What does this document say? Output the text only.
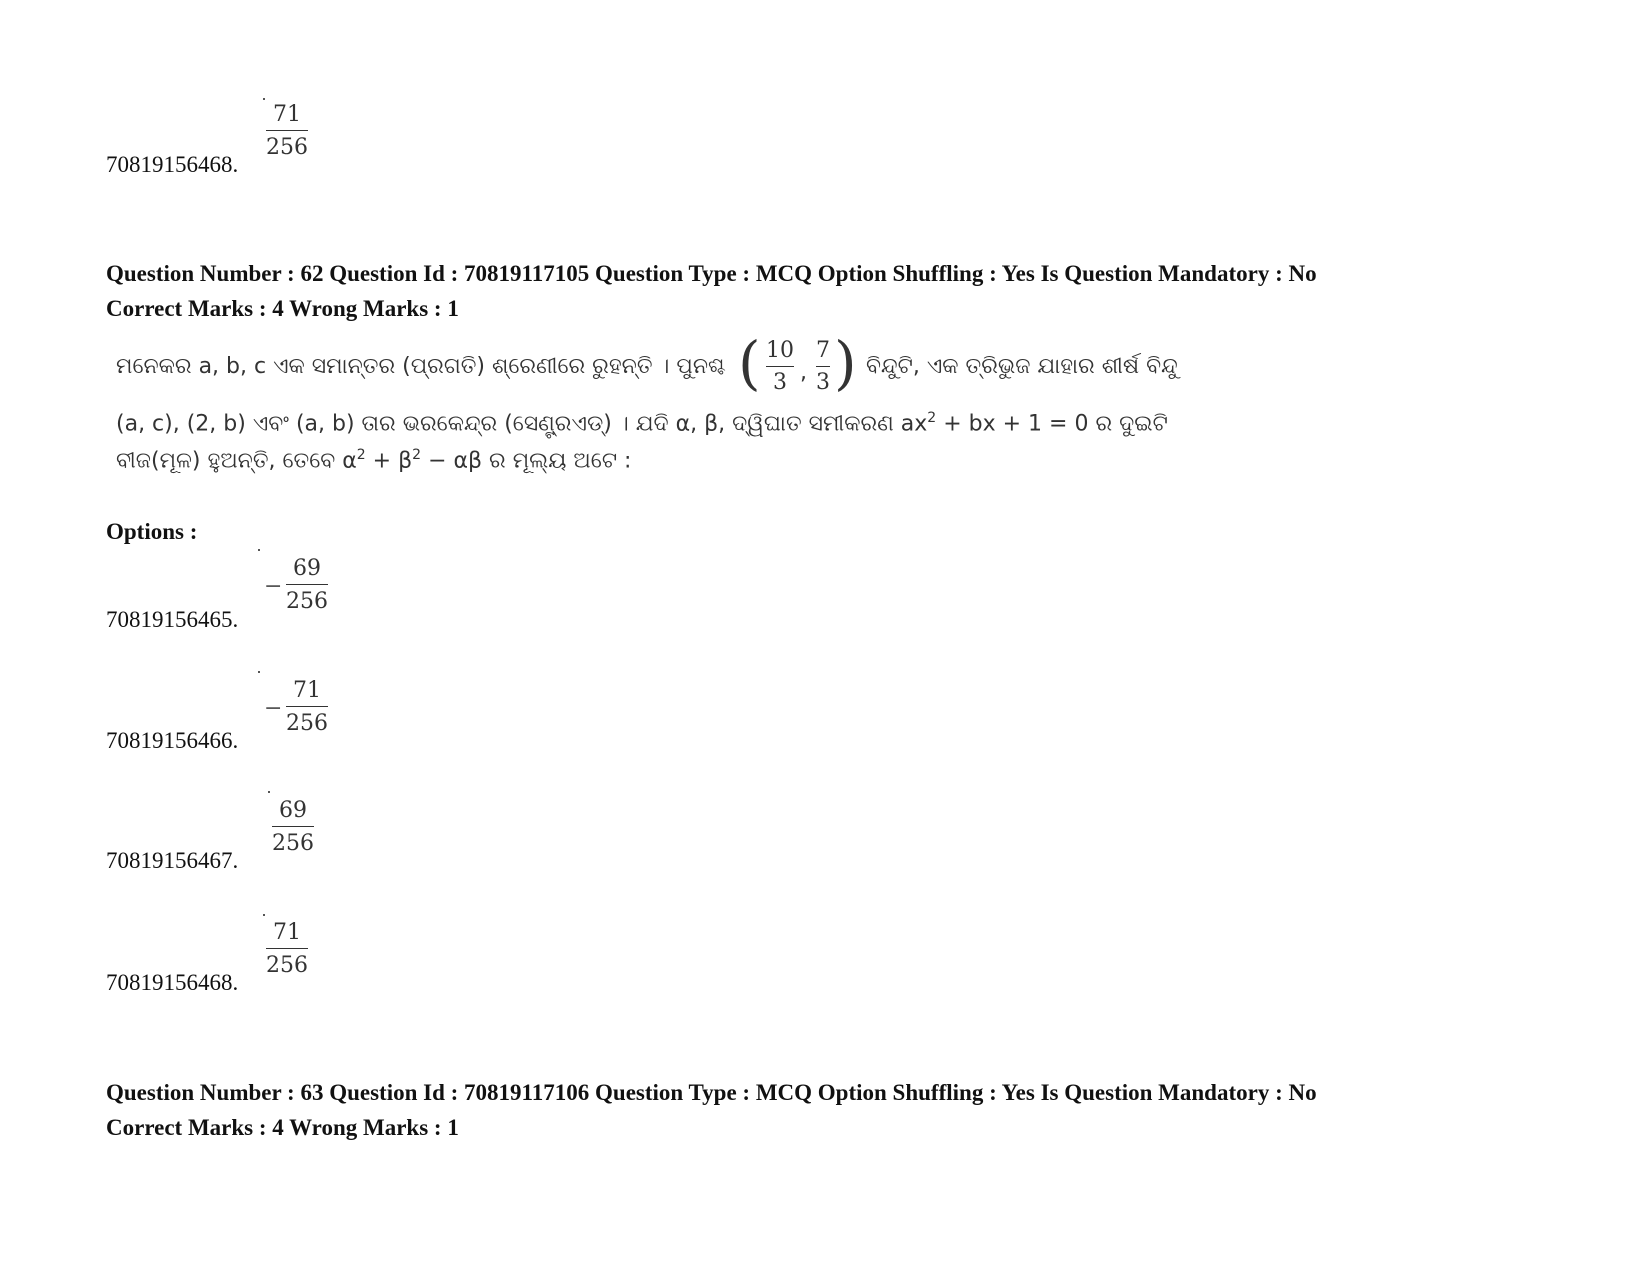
70819156468.
71
256
Question Number : 62 Question Id : 70819117105 Question Type : MCQ Option Shuffling : Yes Is Question Mandatory : No
Correct Marks : 4 Wrong Marks : 1
ମନେକର a, b, c ଏକ ସମାନ୍ତର (ପ୍ରଗତି) ଶ୍ରେଣୀରେ ରୁହନ୍ତି । ପୁନଶ୍ଚ ( 10
3 ,
7
3 ) ବିନ୍ଦୁଟି, ଏକ ତ୍ରିଭୁଜ ଯାହାର ଶୀର୍ଷ ବିନ୍ଦୁ
(a, c), (2, b) ଏବଂ (a, b) ତାର ଭରକେନ୍ଦ୍ର (ସେଣ୍ଟ୍ରଏଡ୍) । ଯଦି α, β, ଦ୍ୱିଘାତ ସମୀକରଣ $ax^2$ + bx + 1 = 0 ର ଦୁଇଟି
ବୀଜ(ମୂଳ) ହୁଅନ୍ତି, ତେବେ $\alpha^2 + \beta^2 - \alpha\beta$ ର ମୂଲ୍ୟ ଅଟେ :
Options :
70819156465.
−
69
256
70819156466.
−
71
256
70819156467.
69
256
70819156468.
71
256
Question Number : 63 Question Id : 70819117106 Question Type : MCQ Option Shuffling : Yes Is Question Mandatory : No
Correct Marks : 4 Wrong Marks : 1
